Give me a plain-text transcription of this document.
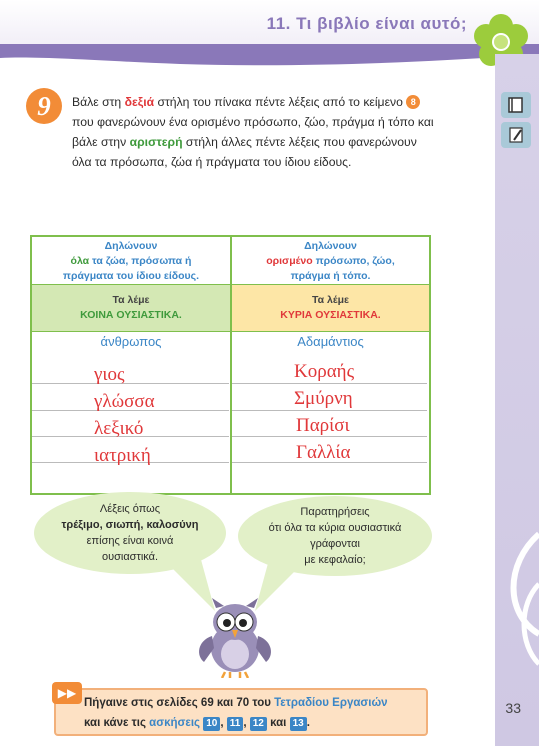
11. Τι βιβλίο είναι αυτό;
33
9	Βάλε στη δεξιά στήλη του πίνακα πέντε λέξεις από το κείμενο 8
που φανερώνουν ένα ορισμένο πρόσωπο, ζώο, πράγμα ή τόπο και
βάλε στην αριστερή στήλη άλλες πέντε λέξεις που φανερώνουν
όλα τα πρόσωπα, ζώα ή πράγματα του ίδιου είδους.
Δηλώνουν
όλα τα ζώα, πρόσωπα ή
πράγματα του ίδιου είδους.
Δηλώνουν
ορισμένο πρόσωπο, ζώο,
πράγμα ή τόπο.
Τα λέμε
ΚΟΙΝΑ ΟΥΣΙΑΣΤΙΚΑ.
Τα λέμε
ΚΥΡΙΑ ΟΥΣΙΑΣΤΙΚΑ.
άνθρωπος	Αδαμάντιος
γιος
γλώσσα
λεξικό
ιατρική
Κοραής
Σμύρνη
Παρίσι
Γαλλία
Λέξεις όπως
τρέξιμο, σιωπή, καλοσύνη
επίσης είναι κοινά
ουσιαστικά.
Παρατηρήσεις
ότι όλα τα κύρια ουσιαστικά
γράφονται
με κεφαλαίο;
Πήγαινε στις σελίδες 69 και 70 του Τετραδίου Εργασιών
και κάνε τις ασκήσεις 10 , 11 , 12 και 13 .
▶▶
